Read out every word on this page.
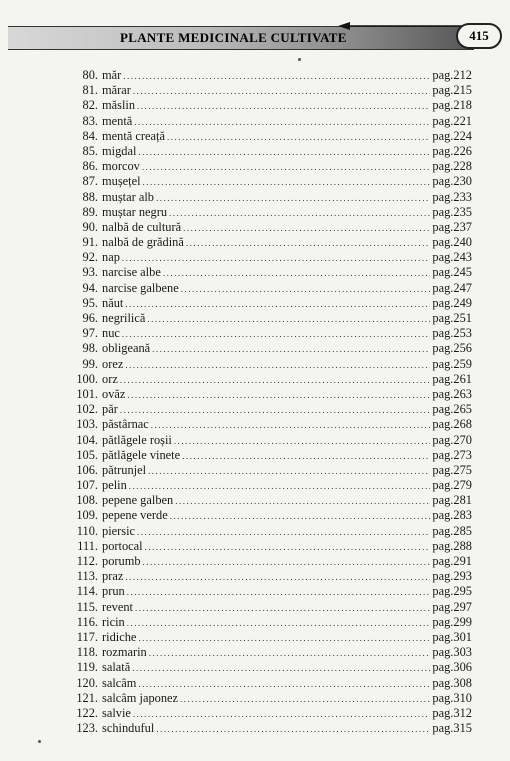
PLANTE MEDICINALE CULTIVATE	415
80. măr .....	pag.212
81. mărar .....	pag.215
82. măslin .....	pag.218
83. mentă .....	pag.221
84. mentă creață .....	pag.224
85. migdal .....	pag.226
86. morcov .....	pag.228
87. mușețel .....	pag.230
88. muștar alb .....	pag.233
89. muștar negru .....	pag.235
90. nalbă de cultură .....	pag.237
91. nalbă de grădină .....	pag.240
92. nap .....	pag.243
93. narcise albe .....	pag.245
94. narcise galbene .....	pag.247
95. năut .....	pag.249
96. negrilică .....	pag.251
97. nuc .....	pag.253
98. obligeană .....	pag.256
99. orez .....	pag.259
100. orz .....	pag.261
101. ovăz .....	pag.263
102. păr .....	pag.265
103. păstârnac .....	pag.268
104. pătlăgele roșii .....	pag.270
105. pătlăgele vinete .....	pag.273
106. pătrunjel .....	pag.275
107. pelin .....	pag.279
108. pepene galben .....	pag.281
109. pepene verde .....	pag.283
110. piersic .....	pag.285
111. portocal .....	pag.288
112. porumb .....	pag.291
113. praz .....	pag.293
114. prun .....	pag.295
115. revent .....	pag.297
116. ricin .....	pag.299
117. ridiche .....	pag.301
118. rozmarin .....	pag.303
119. salată .....	pag.306
120. salcâm .....	pag.308
121. salcâm japonez .....	pag.310
122. salvie .....	pag.312
123. schinduful .....	pag.315
